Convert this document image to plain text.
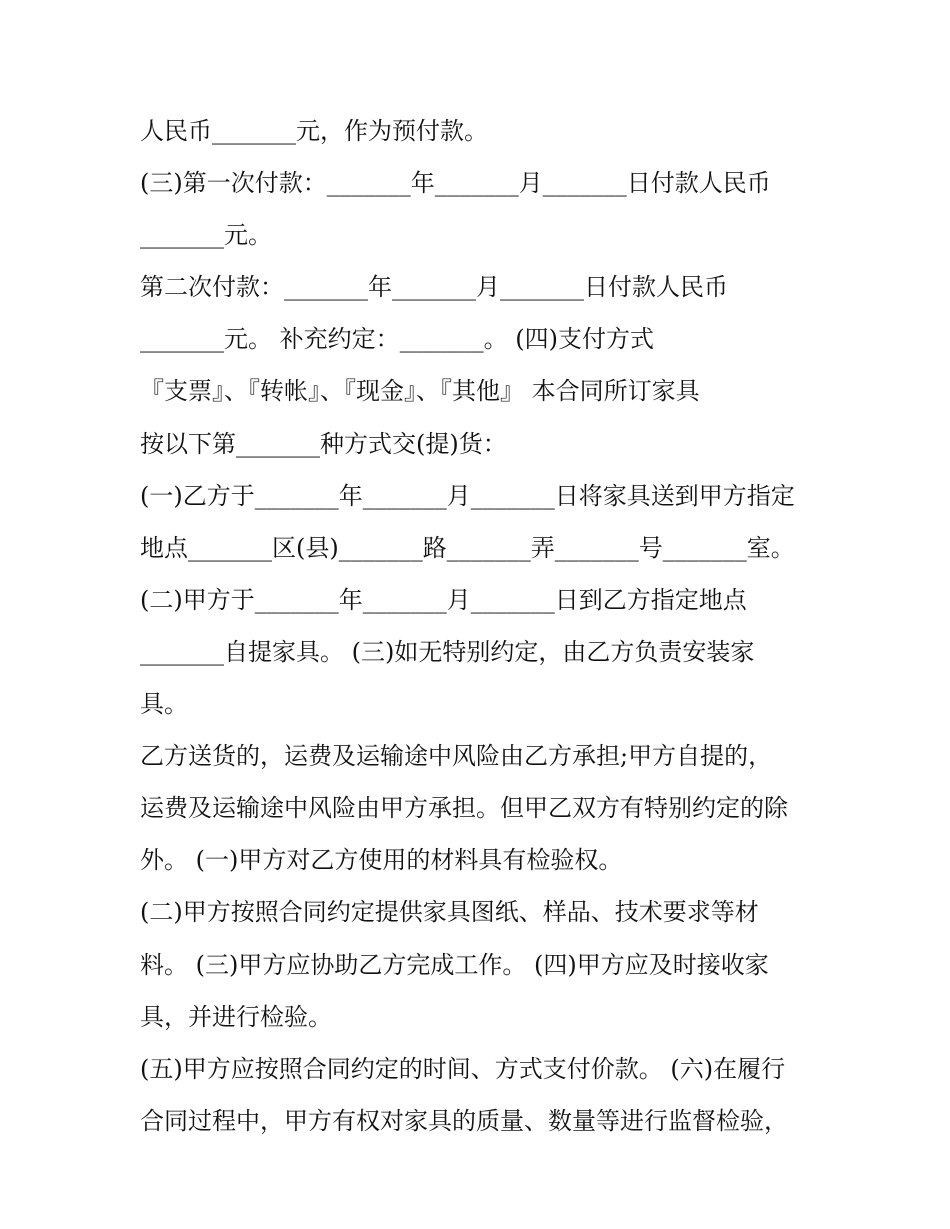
人民币_______元，作为预付款。
(三)第一次付款：_______年_______月_______日付款人民币
_______元。
第二次付款：_______年_______月_______日付款人民币
_______元。 补充约定：_______。 (四)支付方式
『支票』、『转帐』、『现金』、『其他』 本合同所订家具
按以下第_______种方式交(提)货：
(一)乙方于_______年_______月_______日将家具送到甲方指定
地点_______区(县)_______路_______弄_______号_______室。
(二)甲方于_______年_______月_______日到乙方指定地点
_______自提家具。 (三)如无特别约定，由乙方负责安装家
具。
乙方送货的，运费及运输途中风险由乙方承担;甲方自提的，
运费及运输途中风险由甲方承担。但甲乙双方有特别约定的除
外。 (一)甲方对乙方使用的材料具有检验权。
(二)甲方按照合同约定提供家具图纸、样品、技术要求等材
料。 (三)甲方应协助乙方完成工作。 (四)甲方应及时接收家
具，并进行检验。
(五)甲方应按照合同约定的时间、方式支付价款。 (六)在履行
合同过程中，甲方有权对家具的质量、数量等进行监督检验，
